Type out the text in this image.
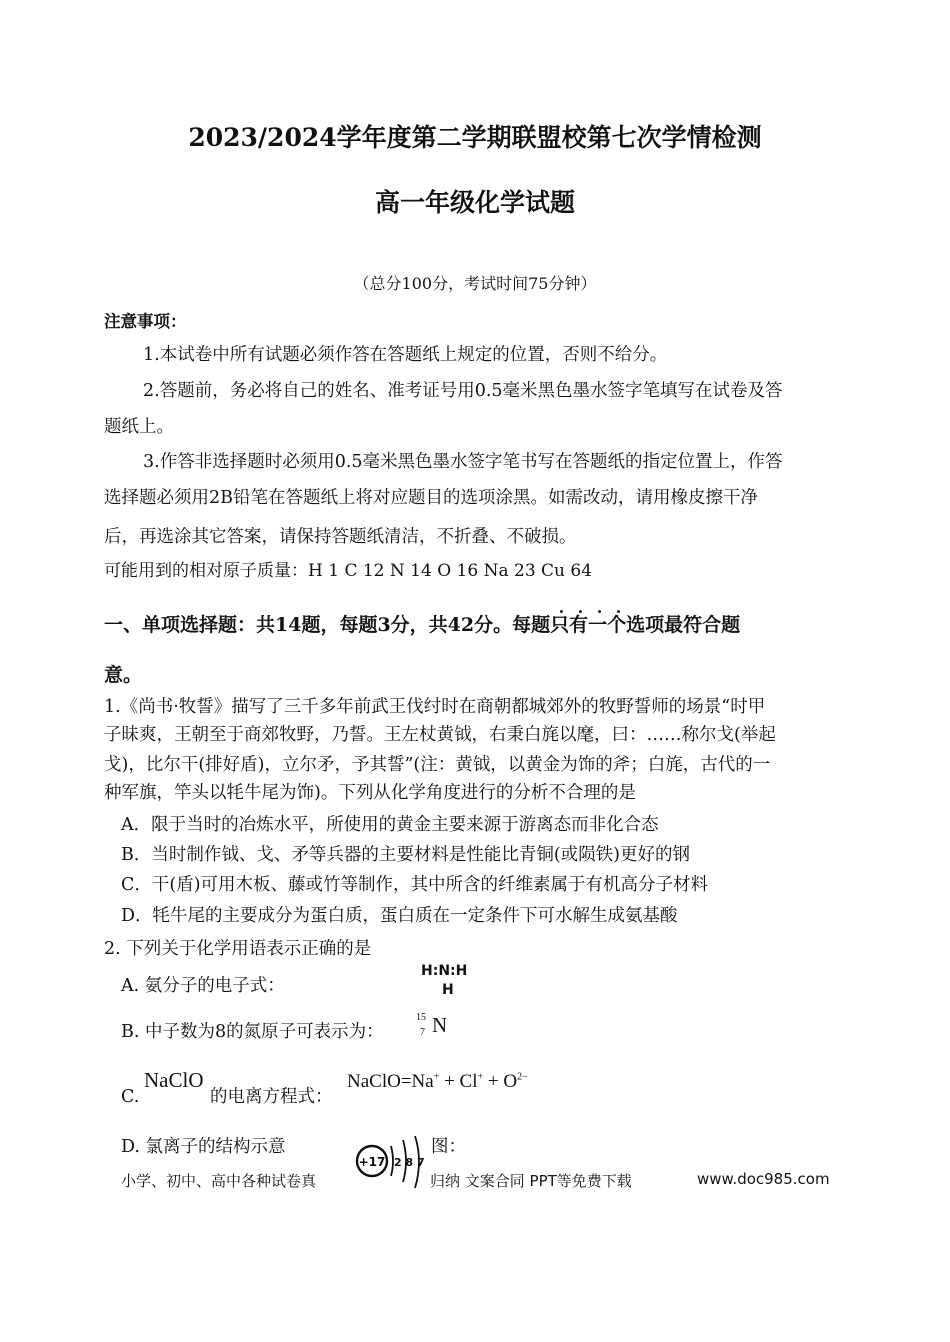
2023/2024学年度第二学期联盟校第七次学情检测
高一年级化学试题
（总分100分，考试时间75分钟）
注意事项：
1.本试卷中所有试题必须作答在答题纸上规定的位置，否则不给分。
2.答题前，务必将自己的姓名、准考证号用0.5毫米黑色墨水签字笔填写在试卷及答
题纸上。
3.作答非选择题时必须用0.5毫米黑色墨水签字笔书写在答题纸的指定位置上，作答
选择题必须用2B铅笔在答题纸上将对应题目的选项涂黑。如需改动，请用橡皮擦干净
后，再选涂其它答案，请保持答题纸清洁，不折叠、不破损。
可能用到的相对原子质量：H 1 C 12 N 14 O 16 Na 23 Cu 64
一、单项选择题：共14题，每题3分，共42分。每题只有一个选项最符合题
意。
1.《尚书·牧誓》描写了三千多年前武王伐纣时在商朝都城郊外的牧野誓师的场景“时甲
子昧爽，王朝至于商郊牧野，乃誓。王左杖黄钺，右秉白旄以麾，曰：……称尔戈(举起
戈)，比尔干(排好盾)，立尔矛，予其誓”(注：黄钺，以黄金为饰的斧；白旄，古代的一
种军旗，竿头以牦牛尾为饰)。下列从化学角度进行的分析不合理的是
A．限于当时的冶炼水平，所使用的黄金主要来源于游离态而非化合态
B．当时制作钺、戈、矛等兵器的主要材料是性能比青铜(或陨铁)更好的钢
C．干(盾)可用木板、藤或竹等制作，其中所含的纤维素属于有机高分子材料
D．牦牛尾的主要成分为蛋白质，蛋白质在一定条件下可水解生成氨基酸
2. 下列关于化学用语表示正确的是
A. 氨分子的电子式：
H:N:H
H
B. 中子数为8的氮原子可表示为：
15
7 N
C.
NaClO
的电离方程式：
NaClO=Na+ + $Cl^+ + O^{2-}$
D. 氯离子的结构示意
+17 2 8 7
图：
小学、初中、高中各种试卷真	归纳 文案合同 PPT等免费下载	www.doc985.com
